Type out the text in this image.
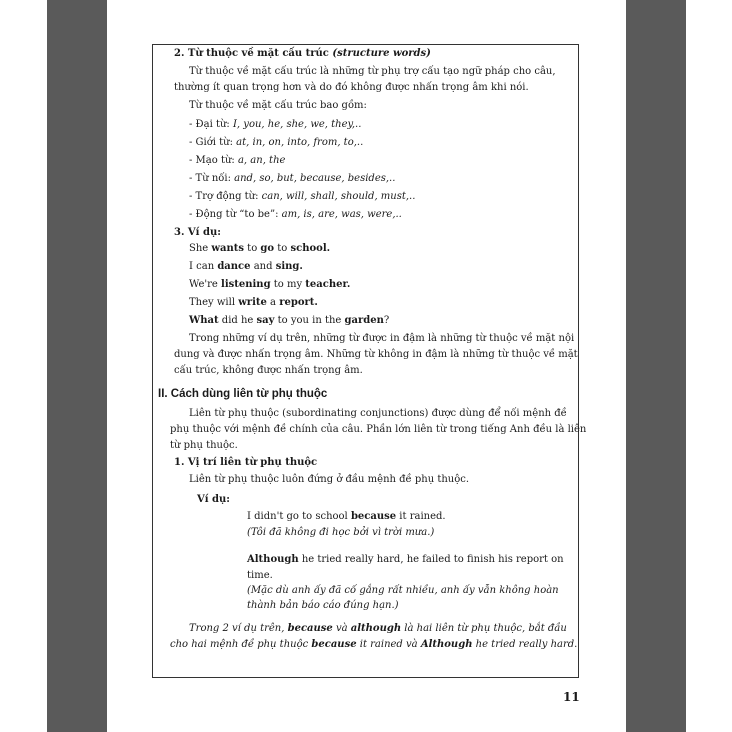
2. Từ thuộc về mặt cấu trúc (structure words)
Từ thuộc về mặt cấu trúc là những từ phụ trợ cấu tạo ngữ pháp cho câu,
thường ít quan trọng hơn và do đó không được nhấn trọng âm khi nói.
Từ thuộc về mặt cấu trúc bao gồm:
- Đại từ: I, you, he, she, we, they,..
- Giới từ: at, in, on, into, from, to,..
- Mạo từ: a, an, the
- Từ nối: and, so, but, because, besides,..
- Trợ động từ: can, will, shall, should, must,..
- Động từ “to be”: am, is, are, was, were,..
3. Ví dụ:
She wants to go to school.
I can dance and sing.
We're listening to my teacher.
They will write a report.
What did he say to you in the garden?
Trong những ví dụ trên, những từ được in đậm là những từ thuộc về mặt nội
dung và được nhấn trọng âm. Những từ không in đậm là những từ thuộc về mặt
cấu trúc, không được nhấn trọng âm.
II. Cách dùng liên từ phụ thuộc
Liên từ phụ thuộc (subordinating conjunctions) được dùng để nối mệnh đề
phụ thuộc với mệnh đề chính của câu. Phần lớn liên từ trong tiếng Anh đều là liên
từ phụ thuộc.
1. Vị trí liên từ phụ thuộc
Liên từ phụ thuộc luôn đứng ở đầu mệnh đề phụ thuộc.
Ví dụ:
I didn't go to school because it rained.
(Tôi đã không đi học bởi vì trời mưa.)
Although he tried really hard, he failed to finish his report on
time.
(Mặc dù anh ấy đã cố gắng rất nhiều, anh ấy vẫn không hoàn
thành bản báo cáo đúng hạn.)
Trong 2 ví dụ trên, because và although là hai liên từ phụ thuộc, bắt đầu
cho hai mệnh đề phụ thuộc because it rained và Although he tried really hard.
11
